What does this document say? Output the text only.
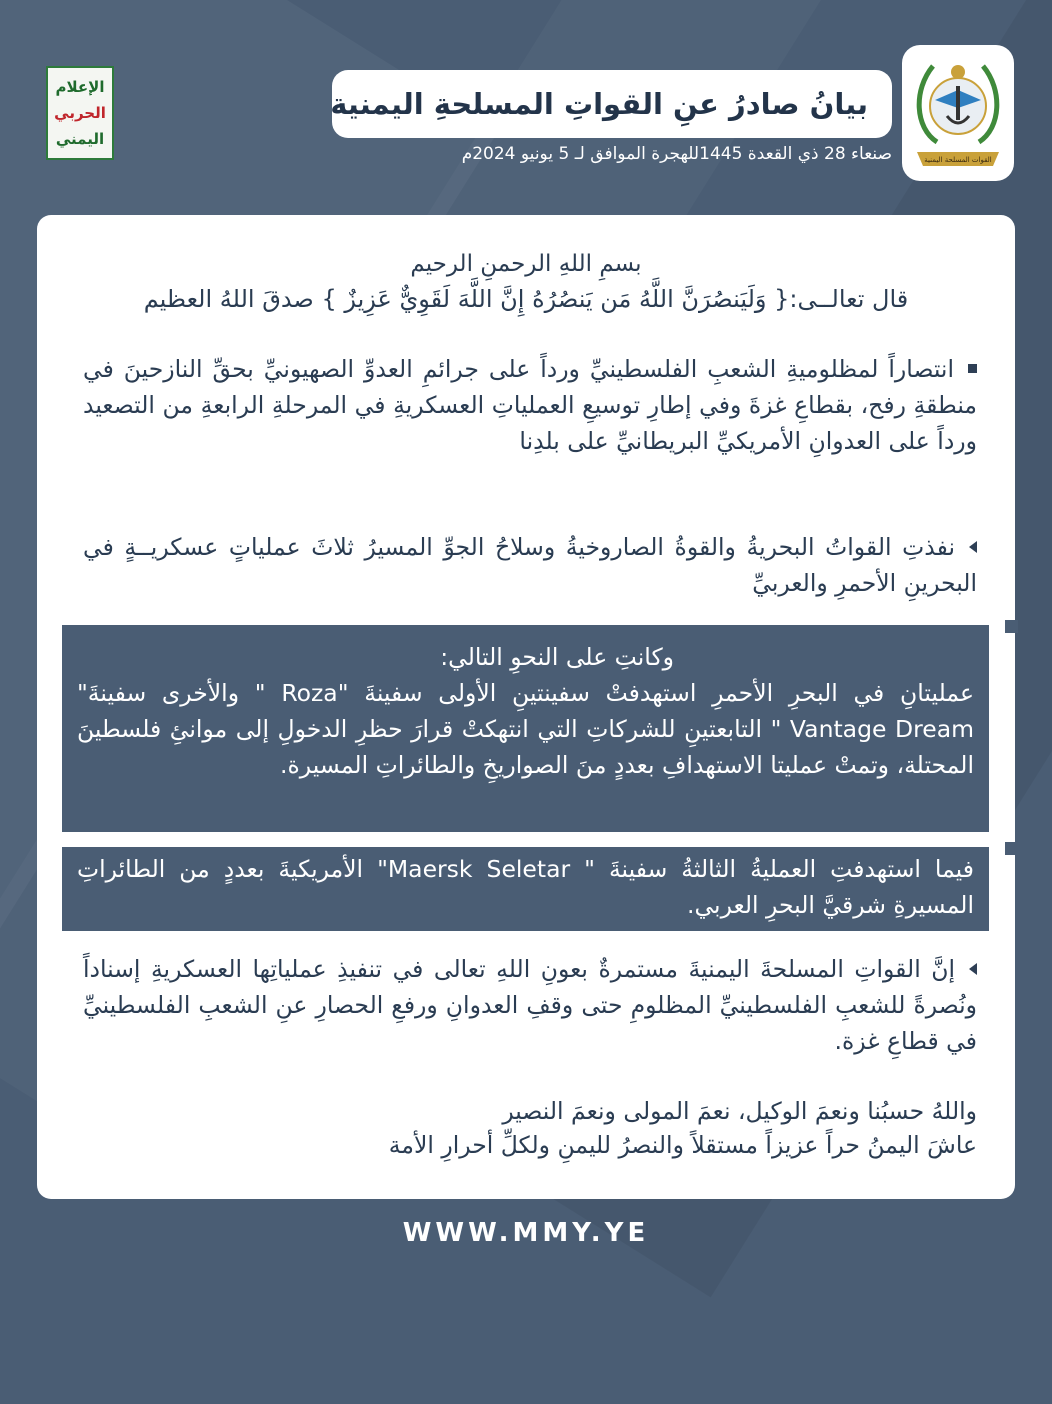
الإعلام
الحربي
اليمني
القوات المسلحة اليمنية
بيانُ صادرُ عنِ القواتِ المسلحةِ اليمنية
صنعاء 28 ذي القعدة 1445للهجرة الموافق لـ 5 يونيو 2024م
بسمِ اللهِ الرحمنِ الرحيم
قال تعالــى:{ وَلَيَنصُرَنَّ اللَّهُ مَن يَنصُرُهُ إِنَّ اللَّهَ لَقَوِيٌّ عَزِيزٌ } صدقَ اللهُ العظيم
انتصاراً لمظلوميةِ الشعبِ الفلسطينيِّ ورداً على جرائمِ العدوِّ الصهيونيِّ بحقِّ النازحينَ في منطقةِ رفح، بقطاعِ غزةَ وفي إطارِ توسيعِ العملياتِ العسكريةِ في المرحلةِ الرابعةِ من التصعيد ورداً على العدوانِ الأمريكيِّ البريطانيِّ على بلدِنا
نفذتِ القواتُ البحريةُ والقوةُ الصاروخيةُ وسلاحُ الجوِّ المسيرُ ثلاثَ عملياتٍ عسكريــةٍ في البحرينِ الأحمرِ والعربيِّ
وكانتِ على النحوِ التالي:
عمليتانِ في البحرِ الأحمرِ استهدفتْ سفينتينِ الأولى سفينةَ "Roza " والأخرى سفينةَ" Vantage Dream " التابعتينِ للشركاتِ التي انتهكتْ قرارَ حظرِ الدخولِ إلى موانئِ فلسطينَ المحتلة، وتمتْ عمليتا الاستهدافِ بعددٍ منَ الصواريخِ والطائراتِ المسيرة.
فيما استهدفتِ العمليةُ الثالثةُ سفينةَ " Maersk Seletar" الأمريكيةَ بعددٍ من الطائراتِ المسيرةِ شرقيَّ البحرِ العربي.
إنَّ القواتِ المسلحةَ اليمنيةَ مستمرةٌ بعونِ اللهِ تعالى في تنفيذِ عملياتِها العسكريةِ إسناداً ونُصرةً للشعبِ الفلسطينيِّ المظلومِ حتى وقفِ العدوانِ ورفعِ الحصارِ عنِ الشعبِ الفلسطينيِّ في قطاعِ غزة.
واللهُ حسبُنا ونعمَ الوكيل، نعمَ المولى ونعمَ النصير
عاشَ اليمنُ حراً عزيزاً مستقلاً والنصرُ لليمنِ ولكلِّ أحرارِ الأمة
WWW.MMY.YE
